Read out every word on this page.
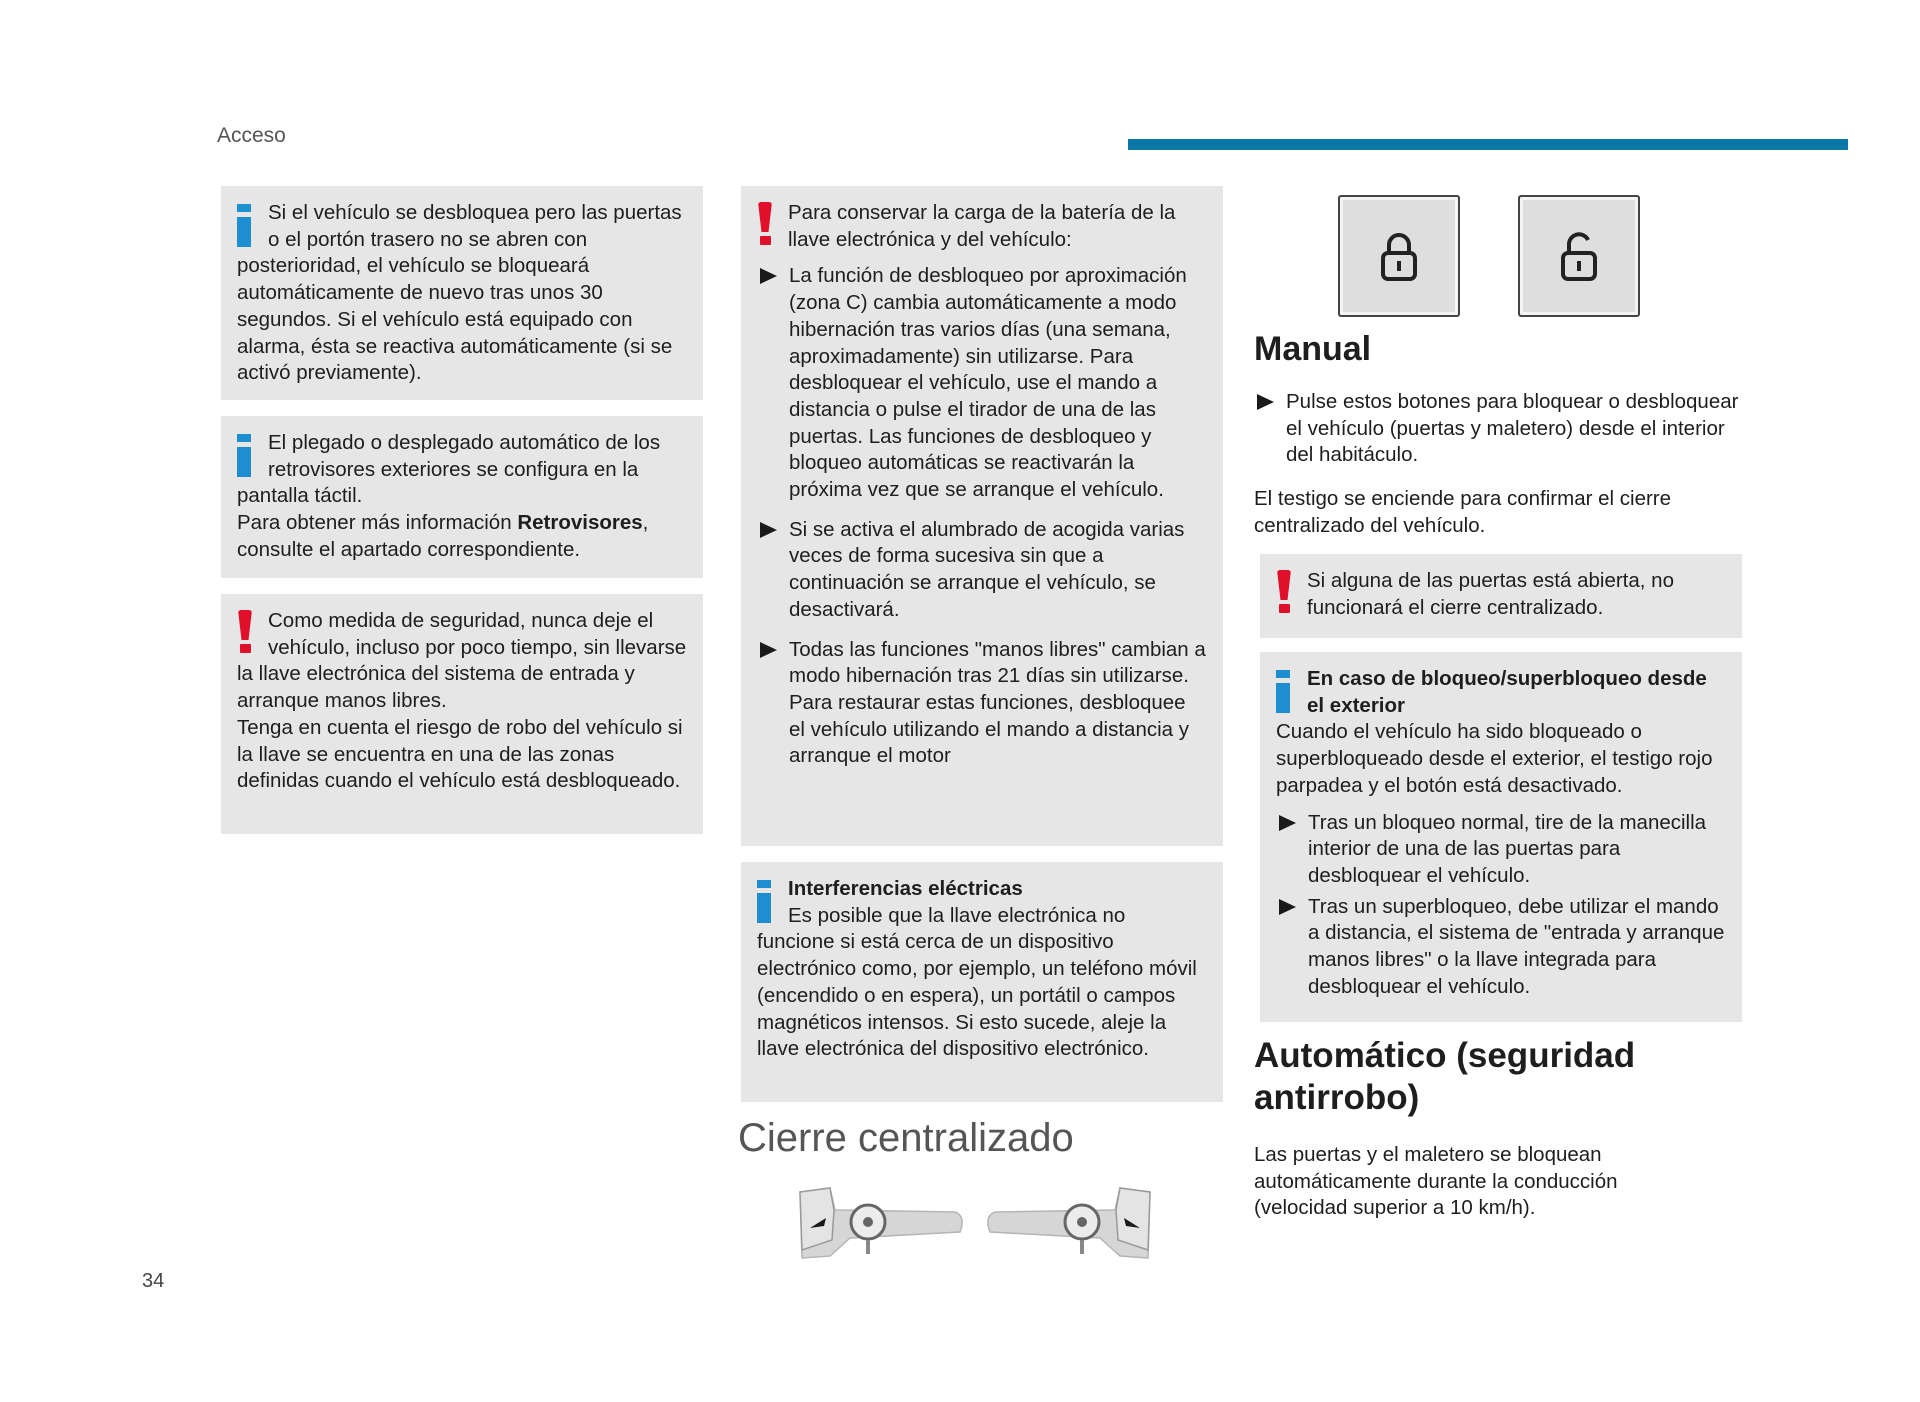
Acceso

Si el vehículo se desbloquea pero las puertas o el portón trasero no se abren con posterioridad, el vehículo se bloqueará automáticamente de nuevo tras unos 30 segundos. Si el vehículo está equipado con alarma, ésta se reactiva automáticamente (si se activó previamente).

El plegado o desplegado automático de los retrovisores exteriores se configura en la pantalla táctil.

Para obtener más información Retrovisores, consulte el apartado correspondiente.

Como medida de seguridad, nunca deje el vehículo, incluso por poco tiempo, sin llevarse la llave electrónica del sistema de entrada y arranque manos libres.

Tenga en cuenta el riesgo de robo del vehículo si la llave se encuentra en una de las zonas definidas cuando el vehículo está desbloqueado.

Para conservar la carga de la batería de la llave electrónica y del vehículo:

La función de desbloqueo por aproximación (zona C) cambia automáticamente a modo hibernación tras varios días (una semana, aproximadamente) sin utilizarse. Para desbloquear el vehículo, use el mando a distancia o pulse el tirador de una de las puertas. Las funciones de desbloqueo y bloqueo automáticas se reactivarán la próxima vez que se arranque el vehículo.
Si se activa el alumbrado de acogida varias veces de forma sucesiva sin que a continuación se arranque el vehículo, se desactivará.
Todas las funciones "manos libres" cambian a modo hibernación tras 21 días sin utilizarse. Para restaurar estas funciones, desbloquee el vehículo utilizando el mando a distancia y arranque el motor

Interferencias eléctricas

Es posible que la llave electrónica no funcione si está cerca de un dispositivo electrónico como, por ejemplo, un teléfono móvil (encendido o en espera), un portátil o campos magnéticos intensos. Si esto sucede, aleje la llave electrónica del dispositivo electrónico.

Cierre centralizado
Manual
Pulse estos botones para bloquear o desbloquear el vehículo (puertas y maletero) desde el interior del habitáculo.

El testigo se enciende para confirmar el cierre centralizado del vehículo.

Si alguna de las puertas está abierta, no funcionará el cierre centralizado.

En caso de bloqueo/superbloqueo desde el exterior

Cuando el vehículo ha sido bloqueado o superbloqueado desde el exterior, el testigo rojo parpadea y el botón está desactivado.

Tras un bloqueo normal, tire de la manecilla interior de una de las puertas para desbloquear el vehículo.
Tras un superbloqueo, debe utilizar el mando a distancia, el sistema de "entrada y arranque manos libres" o la llave integrada para desbloquear el vehículo.
Automático (seguridad antirrobo)

Las puertas y el maletero se bloquean automáticamente durante la conducción (velocidad superior a 10 km/h).

34
